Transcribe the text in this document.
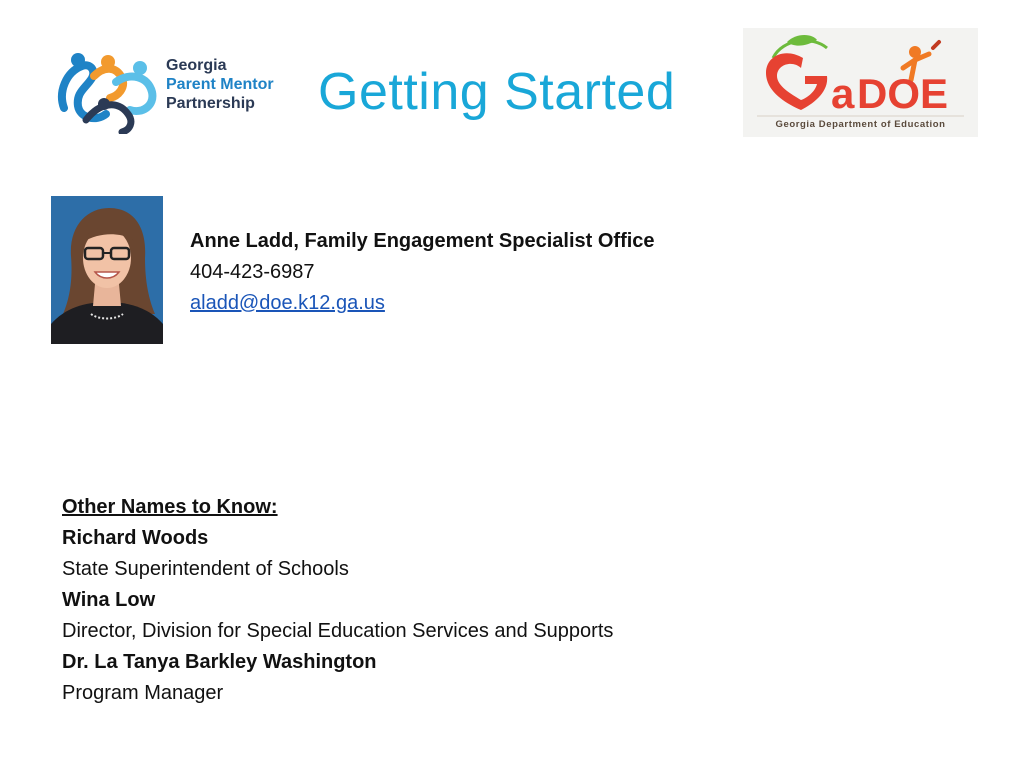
Georgia
Parent Mentor
Partnership	Getting Started	a DOE
Georgia Department of Education
Anne Ladd, Family Engagement Specialist Office
404-423-6987
aladd@doe.k12.ga.us
Other Names to Know:
Richard Woods
State Superintendent of Schools
Wina Low
Director, Division for Special Education Services and Supports
Dr. La Tanya Barkley Washington
Program Manager
